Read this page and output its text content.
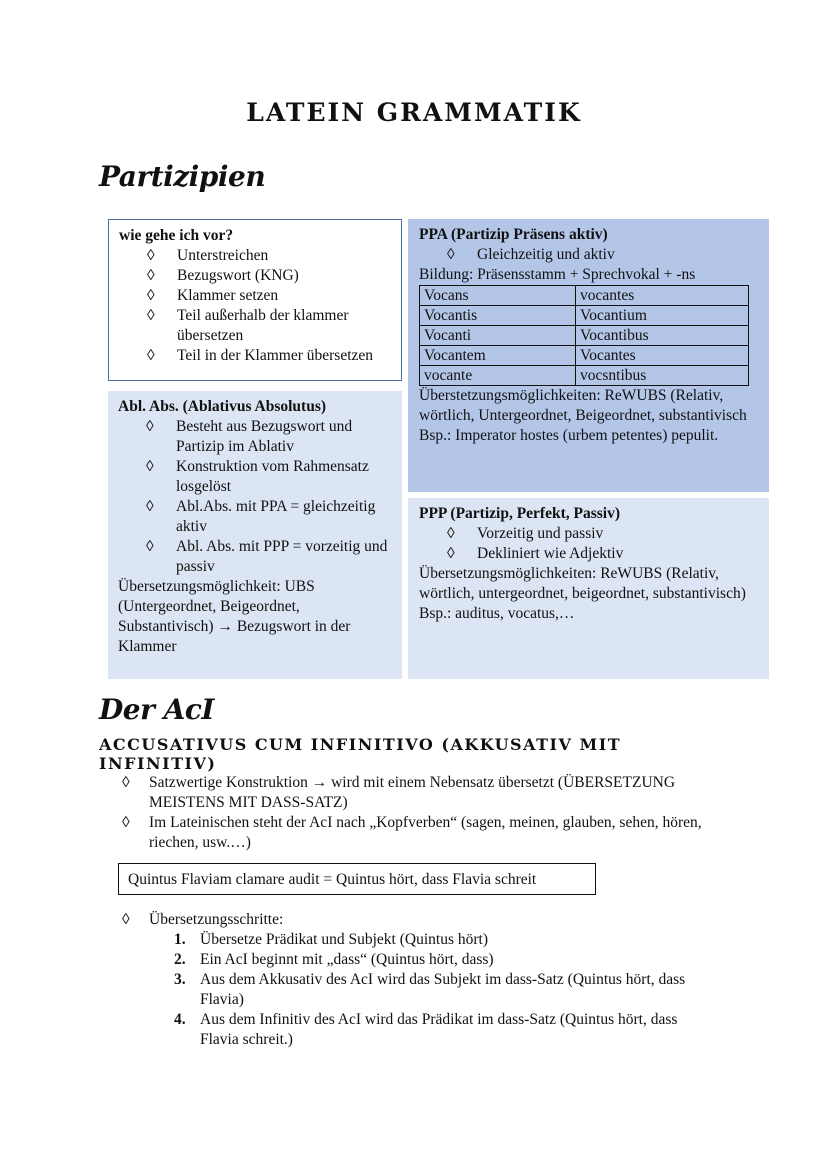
LATEIN GRAMMATIK
Partizipien
wie gehe ich vor?
◊ Unterstreichen
◊ Bezugswort (KNG)
◊ Klammer setzen
◊ Teil außerhalb der klammer übersetzen
◊ Teil in der Klammer übersetzen
PPA (Partizip Präsens aktiv)
◊ Gleichzeitig und aktiv
Bildung: Präsensstamm + Sprechvokal + -ns
Vocans	vocantes
Vocantis	Vocantium
Vocanti	Vocantibus
Vocantem	Vocantes
vocante	vocsntibus
Überstetzungsmöglichkeiten: ReWUBS (Relativ, wörtlich, Untergeordnet, Beigeordnet, substantivisch
Bsp.: Imperator hostes (urbem petentes) pepulit.
Abl. Abs. (Ablativus Absolutus)
◊ Besteht aus Bezugswort und Partizip im Ablativ
◊ Konstruktion vom Rahmensatz losgelöst
◊ Abl.Abs. mit PPA = gleichzeitig aktiv
◊ Abl. Abs. mit PPP = vorzeitig und passiv
Übersetzungsmöglichkeit: UBS (Untergeordnet, Beigeordnet, Substantivisch) → Bezugswort in der Klammer
PPP (Partizip, Perfekt, Passiv)
◊ Vorzeitig und passiv
◊ Dekliniert wie Adjektiv
Übersetzungsmöglichkeiten: ReWUBS (Relativ, wörtlich, untergeordnet, beigeordnet, substantivisch)
Bsp.: auditus, vocatus,…
Der AcI
ACCUSATIVUS CUM INFINITIVO (AKKUSATIV MIT INFINITIV)
◊ Satzwertige Konstruktion → wird mit einem Nebensatz übersetzt (ÜBERSETZUNG MEISTENS MIT DASS-SATZ)
◊ Im Lateinischen steht der AcI nach „Kopfverben“ (sagen, meinen, glauben, sehen, hören, riechen, usw.…)
Quintus Flaviam clamare audit = Quintus hört, dass Flavia schreit
◊ Übersetzungsschritte:
1. Übersetze Prädikat und Subjekt (Quintus hört)
2. Ein AcI beginnt mit „dass“ (Quintus hört, dass)
3. Aus dem Akkusativ des AcI wird das Subjekt im dass-Satz (Quintus hört, dass Flavia)
4. Aus dem Infinitiv des AcI wird das Prädikat im dass-Satz (Quintus hört, dass Flavia schreit.)
